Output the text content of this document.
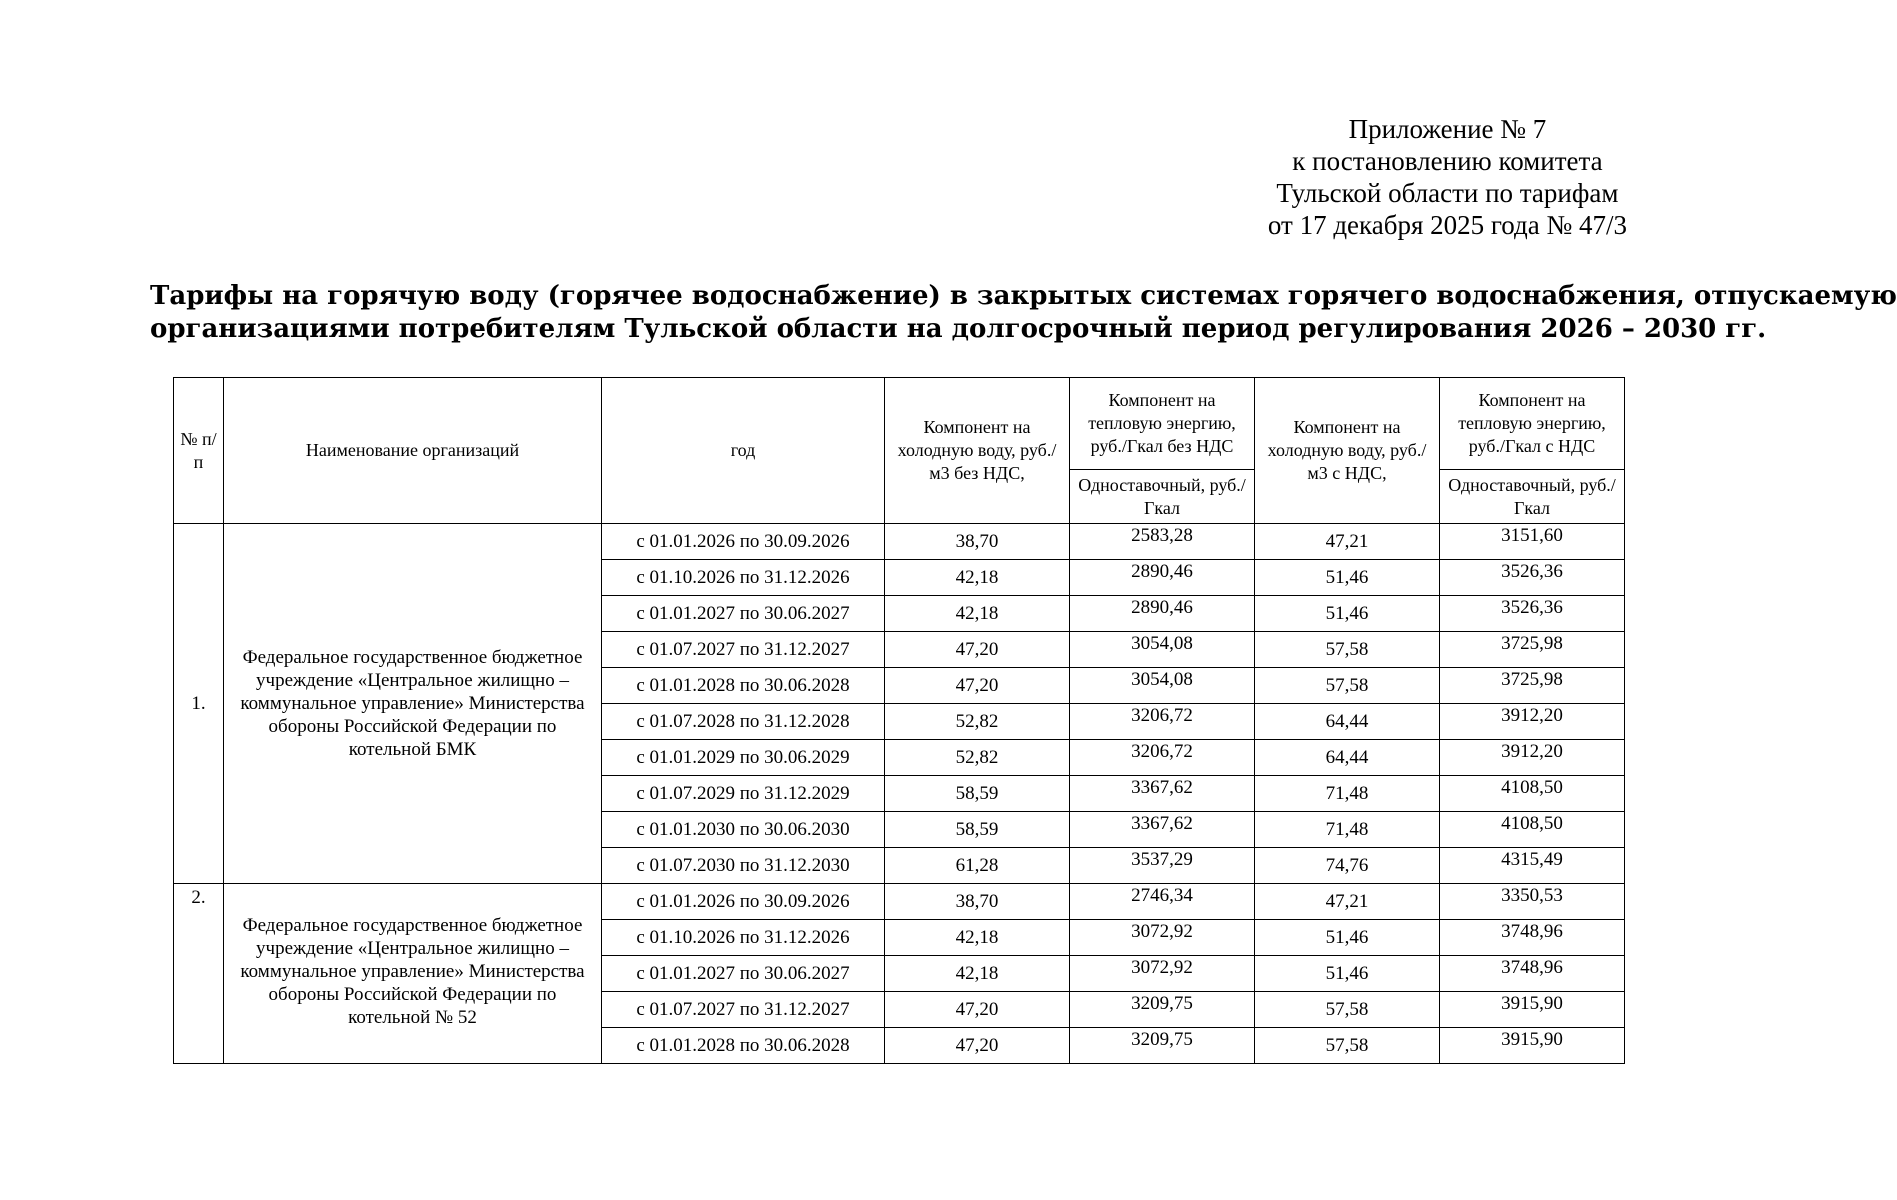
Приложение № 7
к постановлению комитета
Тульской области по тарифам
от 17 декабря 2025 года № 47/3
Тарифы на горячую воду (горячее водоснабжение) в закрытых системах горячего водоснабжения, отпускаемую
организациями потребителям Тульской области на долгосрочный период регулирования 2026 – 2030 гг.
№ п/п	Наименование организаций	год	Компонент на холодную воду, руб./м3 без НДС,	Компонент на тепловую энергию, руб./Гкал без НДС	Компонент на холодную воду, руб./м3 с НДС,	Компонент на тепловую энергию, руб./Гкал с НДС
				Одноставочный, руб./Гкал		Одноставочный, руб./Гкал
1.	Федеральное государственное бюджетное учреждение «Центральное жилищно –коммунальное управление» Министерства обороны Российской Федерации по котельной БМК	с 01.01.2026 по 30.09.2026	38,70	2583,28	47,21	3151,60
		с 01.10.2026 по 31.12.2026	42,18	2890,46	51,46	3526,36
		с 01.01.2027 по 30.06.2027	42,18	2890,46	51,46	3526,36
		с 01.07.2027 по 31.12.2027	47,20	3054,08	57,58	3725,98
		с 01.01.2028 по 30.06.2028	47,20	3054,08	57,58	3725,98
		с 01.07.2028 по 31.12.2028	52,82	3206,72	64,44	3912,20
		с 01.01.2029 по 30.06.2029	52,82	3206,72	64,44	3912,20
		с 01.07.2029 по 31.12.2029	58,59	3367,62	71,48	4108,50
		с 01.01.2030 по 30.06.2030	58,59	3367,62	71,48	4108,50
		с 01.07.2030 по 31.12.2030	61,28	3537,29	74,76	4315,49
2.	Федеральное государственное бюджетное учреждение «Центральное жилищно –коммунальное управление» Министерства обороны Российской Федерации по котельной № 52	с 01.01.2026 по 30.09.2026	38,70	2746,34	47,21	3350,53
		с 01.10.2026 по 31.12.2026	42,18	3072,92	51,46	3748,96
		с 01.01.2027 по 30.06.2027	42,18	3072,92	51,46	3748,96
		с 01.07.2027 по 31.12.2027	47,20	3209,75	57,58	3915,90
		с 01.01.2028 по 30.06.2028	47,20	3209,75	57,58	3915,90
